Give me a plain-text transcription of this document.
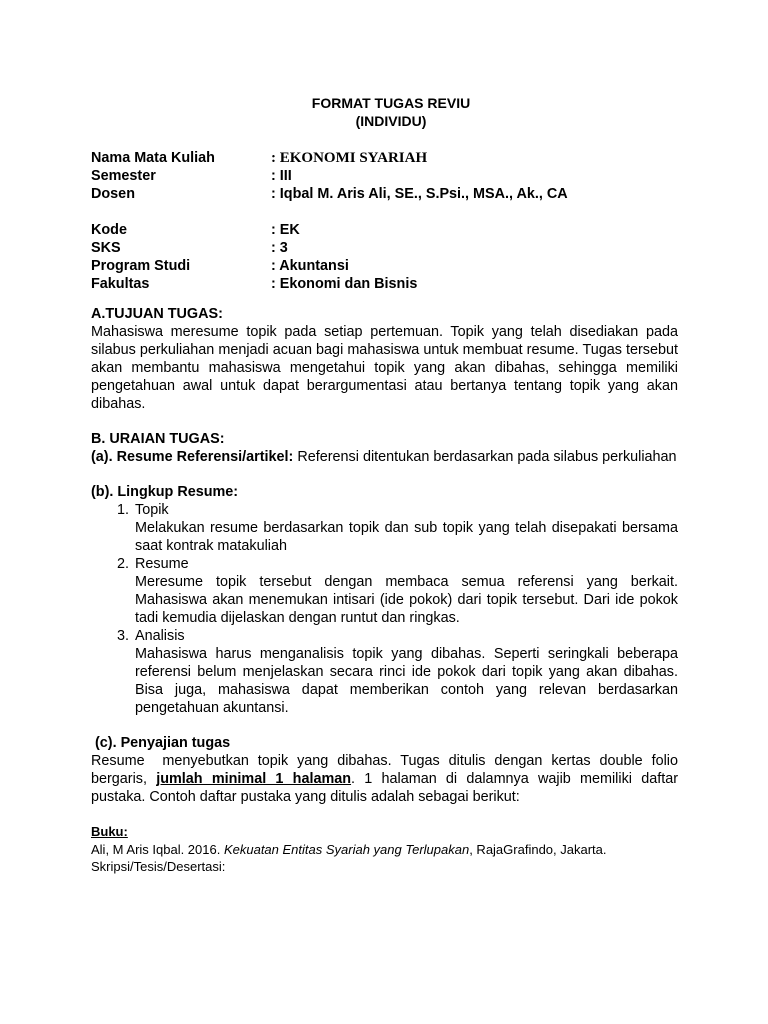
FORMAT TUGAS REVIU
(INDIVIDU)
Nama Mata Kuliah	: EKONOMI SYARIAH
Semester	: III
Dosen	: Iqbal M. Aris Ali, SE., S.Psi., MSA., Ak., CA
Kode	: EK
SKS	: 3
Program Studi	: Akuntansi
Fakultas	: Ekonomi dan Bisnis
A.TUJUAN TUGAS:
Mahasiswa meresume topik pada setiap pertemuan. Topik yang telah disediakan pada silabus perkuliahan menjadi acuan bagi mahasiswa untuk membuat resume. Tugas tersebut akan membantu mahasiswa mengetahui topik yang akan dibahas, sehingga memiliki pengetahuan awal untuk dapat berargumentasi atau bertanya tentang topik yang akan dibahas.
B. URAIAN TUGAS:
(a). Resume Referensi/artikel: Referensi ditentukan berdasarkan pada silabus perkuliahan
(b). Lingkup Resume:
1. Topik
Melakukan resume berdasarkan topik dan sub topik yang telah disepakati bersama saat kontrak matakuliah
2. Resume
Meresume topik tersebut dengan membaca semua referensi yang berkait. Mahasiswa akan menemukan intisari (ide pokok) dari topik tersebut. Dari ide pokok tadi kemudia dijelaskan dengan runtut dan ringkas.
3. Analisis
Mahasiswa harus menganalisis topik yang dibahas. Seperti seringkali beberapa referensi belum menjelaskan secara rinci ide pokok dari topik yang akan dibahas. Bisa juga, mahasiswa dapat memberikan contoh yang relevan berdasarkan pengetahuan akuntansi.
(c). Penyajian tugas
Resume  menyebutkan topik yang dibahas. Tugas ditulis dengan kertas double folio bergaris, jumlah minimal 1 halaman. 1 halaman di dalamnya wajib memiliki daftar pustaka. Contoh daftar pustaka yang ditulis adalah sebagai berikut:
Buku:
Ali, M Aris Iqbal. 2016. Kekuatan Entitas Syariah yang Terlupakan, RajaGrafindo, Jakarta.
Skripsi/Tesis/Desertasi:
